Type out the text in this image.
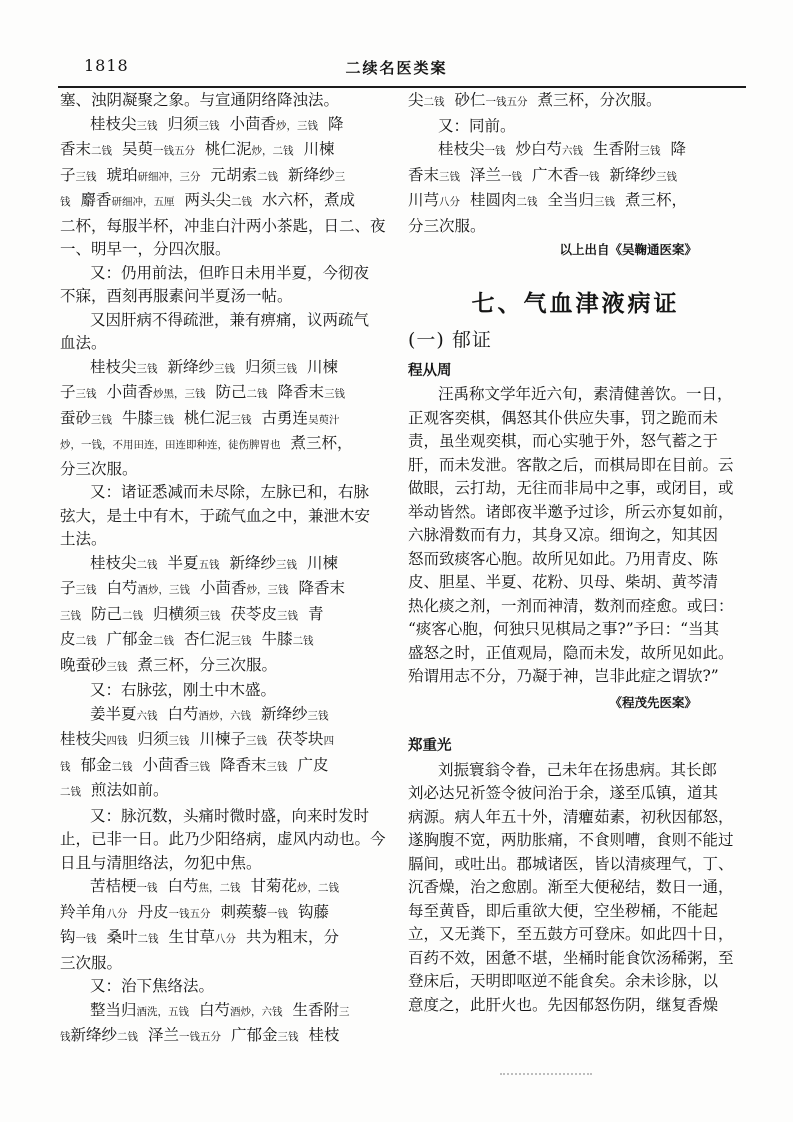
1818	二续名医类案
塞、浊阴凝聚之象。与宣通阴络降浊法。
桂枝尖三钱 归须三钱 小茴香炒，三钱 降
香末二钱 吴萸一钱五分 桃仁泥炒，二钱 川楝
子三钱 琥珀研细冲，三分 元胡索二钱 新绛纱三
钱 麝香研细冲，五厘 两头尖二钱 水六杯，煮成
二杯，每服半杯，冲韭白汁两小茶匙，日二、夜
一、明早一，分四次服。
又：仍用前法，但昨日未用半夏，今彻夜
不寐，酉刻再服素问半夏汤一帖。
又因肝病不得疏泄，兼有痹痛，议两疏气
血法。
桂枝尖三钱 新绛纱三钱 归须三钱 川楝
子三钱 小茴香炒黑，三钱 防己二钱 降香末三钱
蚕砂三钱 牛膝三钱 桃仁泥三钱 古勇连吴萸汁
炒，一钱，不用田连，田连即种连，徒伤脾胃也 煮三杯，
分三次服。
又：诸证悉减而未尽除，左脉已和，右脉
弦大，是土中有木，于疏气血之中，兼泄木安
土法。
桂枝尖二钱 半夏五钱 新绛纱三钱 川楝
子三钱 白芍酒炒，三钱 小茴香炒，三钱 降香末
三钱 防己二钱 归横须三钱 茯苓皮三钱 青
皮二钱 广郁金二钱 杏仁泥三钱 牛膝二钱
晚蚕砂三钱 煮三杯，分三次服。
又：右脉弦，刚土中木盛。
姜半夏六钱 白芍酒炒，六钱 新绛纱三钱
桂枝尖四钱 归须三钱 川楝子三钱 茯苓块四
钱 郁金二钱 小茴香三钱 降香末三钱 广皮
二钱 煎法如前。
又：脉沉数，头痛时微时盛，向来时发时
止，已非一日。此乃少阳络病，虚风内动也。今
日且与清胆络法，勿犯中焦。
苦桔梗一钱 白芍焦，二钱 甘菊花炒，二钱
羚羊角八分 丹皮一钱五分 刺蒺藜一钱 钩藤
钩一钱 桑叶二钱 生甘草八分 共为粗末，分
三次服。
又：治下焦络法。
整当归酒洗，五钱 白芍酒炒，六钱 生香附三
钱新绛纱二钱 泽兰一钱五分 广郁金三钱 桂枝
尖二钱 砂仁一钱五分 煮三杯，分次服。
又：同前。
桂枝尖一钱 炒白芍六钱 生香附三钱 降
香末三钱 泽兰一钱 广木香一钱 新绛纱三钱
川芎八分 桂圆肉二钱 全当归三钱 煮三杯，
分三次服。
以上出自《吴鞠通医案》
七、气血津液病证
(一) 郁证
程从周
汪禹称文学年近六旬，素清健善饮。一日，
正观客奕棋，偶怒其仆供应失事，罚之跪而未
责，虽坐观奕棋，而心实驰于外，怒气蓄之于
肝，而未发泄。客散之后，而棋局即在目前。云
做眼，云打劫，无往而非局中之事，或闭目，或
举动皆然。诸郎夜半邀予过诊，所云亦复如前，
六脉滑数而有力，其身又凉。细询之，知其因
怒而致痰客心胞。故所见如此。乃用青皮、陈
皮、胆星、半夏、花粉、贝母、柴胡、黄芩清
热化痰之剂，一剂而神清，数剂而痊愈。或曰：
“痰客心胞，何独只见棋局之事?”予曰：“当其
盛怒之时，正值观局，隐而未发，故所见如此。
殆谓用志不分，乃凝于神，岂非此症之谓欤?”
《程茂先医案》
郑重光
刘振寰翁令眷，己未年在扬患病。其长郎
刘必达兄祈签令彼问治于余，遂至瓜镇，道其
病源。病人年五十外，清癯茹素，初秋因郁怒，
遂胸腹不宽，两肋胀痛，不食则嘈，食则不能过
膈间，或吐出。郡城诸医，皆以清痰理气，丁、
沉香燥，治之愈剧。渐至大便秘结，数日一通，
每至黄昏，即后重欲大便，空坐秽桶，不能起
立，又无粪下，至五鼓方可登床。如此四十日，
百药不效，困惫不堪，坐桶时能食饮汤稀粥，至
登床后，天明即呕逆不能食矣。余未诊脉，以
意度之，此肝火也。先因郁怒伤阴，继复香燥
